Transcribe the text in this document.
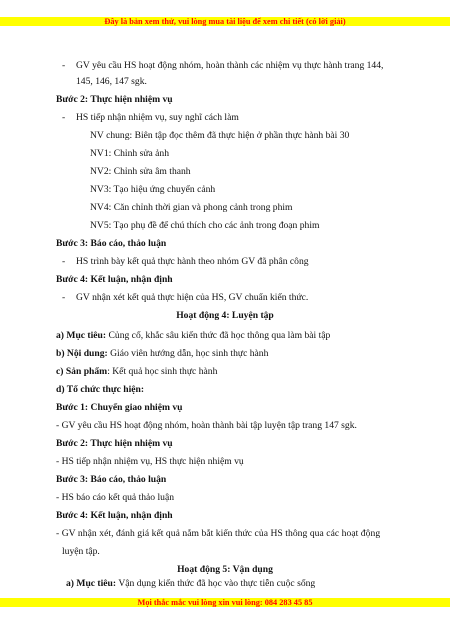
Đây là bản xem thử, vui lòng mua tài liệu để xem chi tiết (có lời giải)
- GV yêu cầu HS hoạt động nhóm, hoàn thành các nhiệm vụ thực hành trang 144,
145, 146, 147 sgk.
Bước 2: Thực hiện nhiệm vụ
- HS tiếp nhận nhiệm vụ, suy nghĩ cách làm
NV chung: Biên tập đọc thêm đã thực hiện ở phần thực hành bài 30
NV1: Chỉnh sửa ảnh
NV2: Chỉnh sửa âm thanh
NV3: Tạo hiệu ứng chuyển cảnh
NV4: Căn chỉnh thời gian và phong cảnh trong phim
NV5: Tạo phụ đề để chú thích cho các ảnh trong đoạn phim
Bước 3: Báo cáo, thảo luận
- HS trình bày kết quả thực hành theo nhóm GV đã phân công
Bước 4: Kết luận, nhận định
- GV nhận xét kết quả thực hiện của HS, GV chuẩn kiến thức.
Hoạt động 4: Luyện tập
a) Mục tiêu: Củng cố, khắc sâu kiến thức đã học thông qua làm bài tập
b) Nội dung: Giáo viên hướng dẫn, học sinh thực hành
c) Sản phẩm: Kết quả học sinh thực hành
d) Tổ chức thực hiện:
Bước 1: Chuyển giao nhiệm vụ
- GV yêu cầu HS hoạt động nhóm, hoàn thành bài tập luyện tập trang 147 sgk.
Bước 2: Thực hiện nhiệm vụ
- HS tiếp nhận nhiệm vụ, HS thực hiện nhiệm vụ
Bước 3: Báo cáo, thảo luận
- HS báo cáo kết quả thảo luận
Bước 4: Kết luận, nhận định
- GV nhận xét, đánh giá kết quả nắm bắt kiến thức của HS thông qua các hoạt động
luyện tập.
Hoạt động 5: Vận dụng
a) Mục tiêu: Vận dụng kiến thức đã học vào thực tiễn cuộc sống
Mọi thắc mắc vui lòng xin vui lòng: 084 283 45 85
